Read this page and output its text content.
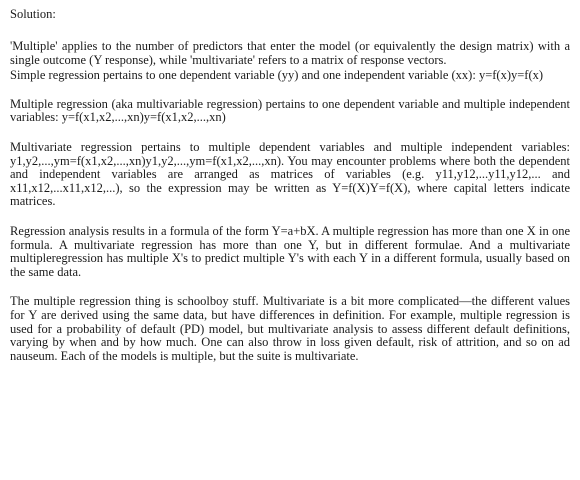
Solution:

'Multiple' applies to the number of predictors that enter the model (or equivalently the design matrix) with a single outcome (Y response), while 'multivariate' refers to a matrix of response vectors.

Simple regression pertains to one dependent variable (yy) and one independent variable (xx): y=f(x)y=f(x)

Multiple regression (aka multivariable regression) pertains to one dependent variable and multiple independent variables: y=f(x1,x2,...,xn)y=f(x1,x2,...,xn)

Multivariate regression pertains to multiple dependent variables and multiple independent variables: y1,y2,...,ym=f(x1,x2,...,xn)y1,y2,...,ym=f(x1,x2,...,xn). You may encounter problems where both the dependent and independent variables are arranged as matrices of variables (e.g. y11,y12,...y11,y12,... and x11,x12,...x11,x12,...), so the expression may be written as Y=f(X)Y=f(X), where capital letters indicate matrices.

Regression analysis results in a formula of the form Y=a+bX. A multiple regression has more than one X in one formula. A multivariate regression has more than one Y, but in different formulae. And a multivariate multipleregression has multiple X's to predict multiple Y's with each Y in a different formula, usually based on the same data.

The multiple regression thing is schoolboy stuff. Multivariate is a bit more complicated—the different values for Y are derived using the same data, but have differences in definition. For example, multiple regression is used for a probability of default (PD) model, but multivariate analysis to assess different default definitions, varying by when and by how much. One can also throw in loss given default, risk of attrition, and so on ad nauseum. Each of the models is multiple, but the suite is multivariate.
